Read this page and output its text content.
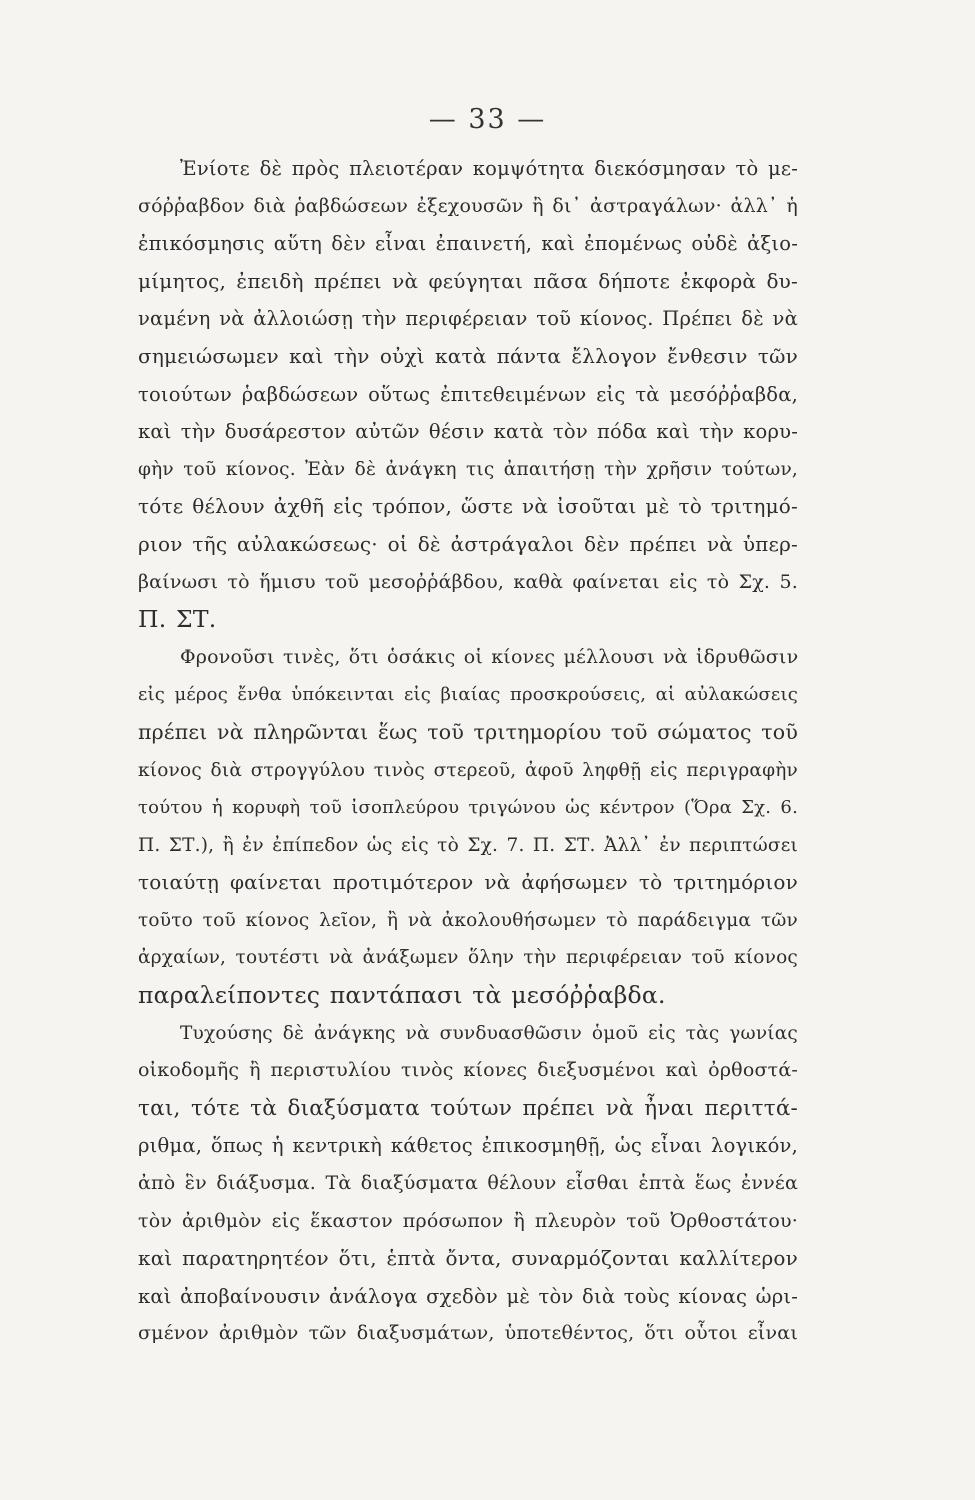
— 33 —
Ἐνίοτε δὲ πρὸς πλειοτέραν κομψότητα διεκόσμησαν τὸ με-
σόῤῥαβδον διὰ ῥαβδώσεων ἐξεχουσῶν ἢ δι᾽ ἀστραγάλων· ἀλλ᾽ ἡ
ἐπικόσμησις αὕτη δὲν εἶναι ἐπαινετή, καὶ ἐπομένως οὐδὲ ἀξιο-
μίμητος, ἐπειδὴ πρέπει νὰ φεύγηται πᾶσα δήποτε ἐκφορὰ δυ-
ναμένη νὰ ἀλλοιώσῃ τὴν περιφέρειαν τοῦ κίονος. Πρέπει δὲ νὰ
σημειώσωμεν καὶ τὴν οὐχὶ κατὰ πάντα ἔλλογον ἔνθεσιν τῶν
τοιούτων ῥαβδώσεων οὕτως ἐπιτεθειμένων εἰς τὰ μεσόῤῥαβδα,
καὶ τὴν δυσάρεστον αὐτῶν θέσιν κατὰ τὸν πόδα καὶ τὴν κορυ-
φὴν τοῦ κίονος. Ἐὰν δὲ ἀνάγκη τις ἀπαιτήσῃ τὴν χρῆσιν τούτων,
τότε θέλουν ἀχθῆ εἰς τρόπον, ὥστε νὰ ἰσοῦται μὲ τὸ τριτημό-
ριον τῆς αὐλακώσεως· οἱ δὲ ἀστράγαλοι δὲν πρέπει νὰ ὑπερ-
βαίνωσι τὸ ἥμισυ τοῦ μεσοῤῥάβδου, καθὰ φαίνεται εἰς τὸ Σχ. 5.
Π. ΣΤ.
Φρονοῦσι τινὲς, ὅτι ὁσάκις οἱ κίονες μέλλουσι νὰ ἱδρυθῶσιν
εἰς μέρος ἔνθα ὑπόκεινται εἰς βιαίας προσκρούσεις, αἱ αὐλακώσεις
πρέπει νὰ πληρῶνται ἕως τοῦ τριτημορίου τοῦ σώματος τοῦ
κίονος διὰ στρογγύλου τινὸς στερεοῦ, ἀφοῦ ληφθῇ εἰς περιγραφὴν
τούτου ἡ κορυφὴ τοῦ ἰσοπλεύρου τριγώνου ὡς κέντρον (Ὅρα Σχ. 6.
Π. ΣΤ.), ἢ ἐν ἐπίπεδον ὡς εἰς τὸ Σχ. 7. Π. ΣΤ. Ἀλλ᾽ ἐν περιπτώσει
τοιαύτῃ φαίνεται προτιμότερον νὰ ἀφήσωμεν τὸ τριτημόριον
τοῦτο τοῦ κίονος λεῖον, ἢ νὰ ἀκολουθήσωμεν τὸ παράδειγμα τῶν
ἀρχαίων, τουτέστι νὰ ἀνάξωμεν ὅλην τὴν περιφέρειαν τοῦ κίονος
παραλείποντες παντάπασι τὰ μεσόῤῥαβδα.
Τυχούσης δὲ ἀνάγκης νὰ συνδυασθῶσιν ὁμοῦ εἰς τὰς γωνίας
οἰκοδομῆς ἢ περιστυλίου τινὸς κίονες διεξυσμένοι καὶ ὀρθοστά-
ται, τότε τὰ διαξύσματα τούτων πρέπει νὰ ἦναι περιττά-
ριθμα, ὅπως ἡ κεντρικὴ κάθετος ἐπικοσμηθῇ, ὡς εἶναι λογικόν,
ἀπὸ ἓν διάξυσμα. Τὰ διαξύσματα θέλουν εἶσθαι ἑπτὰ ἕως ἐννέα
τὸν ἀριθμὸν εἰς ἕκαστον πρόσωπον ἢ πλευρὸν τοῦ Ὀρθοστάτου·
καὶ παρατηρητέον ὅτι, ἑπτὰ ὄντα, συναρμόζονται καλλίτερον
καὶ ἀποβαίνουσιν ἀνάλογα σχεδὸν μὲ τὸν διὰ τοὺς κίονας ὡρι-
σμένον ἀριθμὸν τῶν διαξυσμάτων, ὑποτεθέντος, ὅτι οὗτοι εἶναι
